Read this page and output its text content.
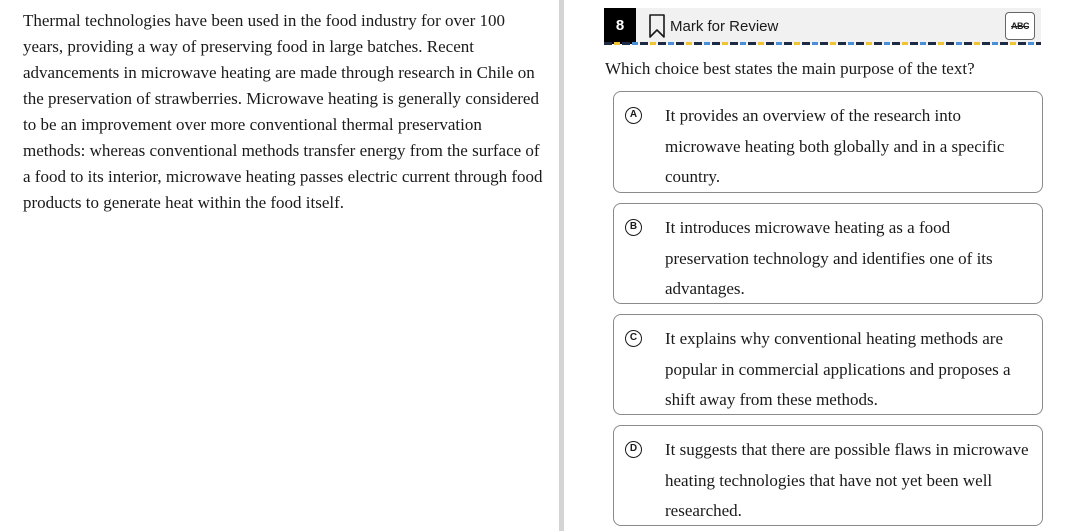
Thermal technologies have been used in the food industry for over 100 years, providing a way of preserving food in large batches. Recent advancements in microwave heating are made through research in Chile on the preservation of strawberries. Microwave heating is generally considered to be an improvement over more conventional thermal preservation methods: whereas conventional methods transfer energy from the surface of a food to its interior, microwave heating passes electric current through food products to generate heat within the food itself.

8	Mark for Review	ABC

Which choice best states the main purpose of the text?

A It provides an overview of the research into microwave heating both globally and in a specific country.

B It introduces microwave heating as a food preservation technology and identifies one of its advantages.

C It explains why conventional heating methods are popular in commercial applications and proposes a shift away from these methods.

D It suggests that there are possible flaws in microwave heating technologies that have not yet been well researched.
